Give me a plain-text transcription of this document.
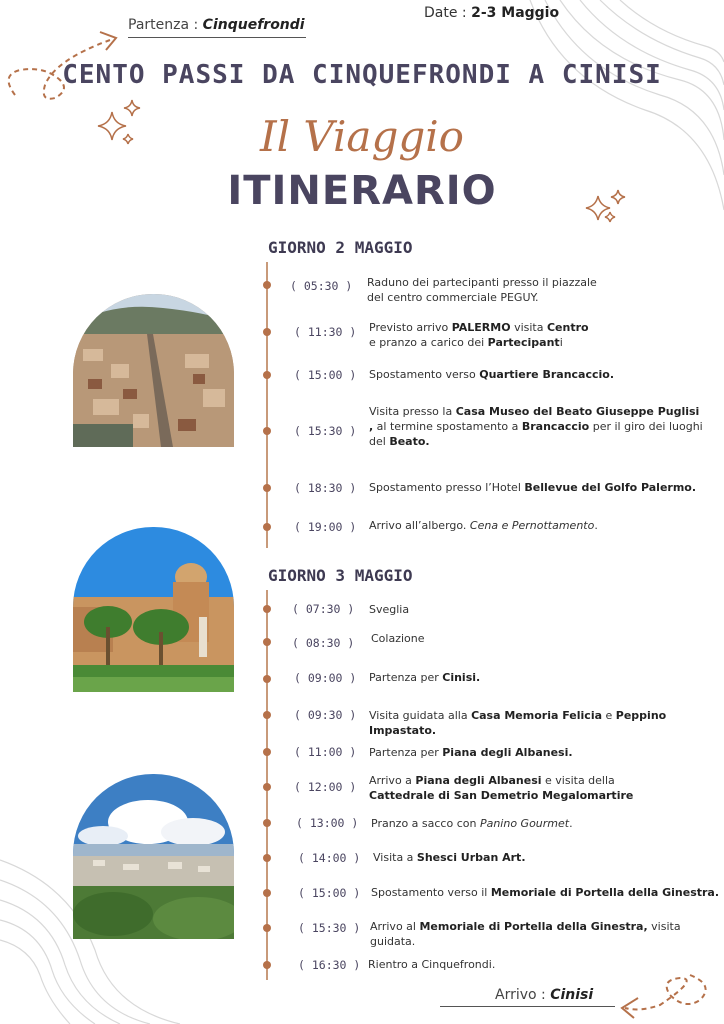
Partenza : Cinquefrondi
Date : 2-3 Maggio
CENTO PASSI DA CINQUEFRONDI A CINISI
Il Viaggio
ITINERARIO
GIORNO 2 MAGGIO
( 05:30 )	Raduno dei partecipanti presso il piazzale
del centro commerciale PEGUY.
( 11:30 )	Previsto arrivo PALERMO visita Centro
e pranzo a carico dei Partecipanti
( 15:00 )	Spostamento verso Quartiere Brancaccio.
( 15:30 )
Visita presso la Casa Museo del Beato Giuseppe Puglisi
, al termine spostamento a Brancaccio per il giro dei luoghi
del Beato.
( 18:30 )	Spostamento presso l’Hotel Bellevue del Golfo Palermo.
( 19:00 )	Arrivo all’albergo. Cena e Pernottamento.
GIORNO 3 MAGGIO
( 07:30 )	Sveglia
( 08:30 )	Colazione
( 09:00 )	Partenza per Cinisi.
( 09:30 )	Visita guidata alla Casa Memoria Felicia e Peppino Impastato.
( 11:00 )	Partenza per Piana degli Albanesi.
( 12:00 )	Arrivo a Piana degli Albanesi e visita della
Cattedrale di San Demetrio Megalomartire
( 13:00 )	Pranzo a sacco con Panino Gourmet.
( 14:00 )	Visita a Shesci Urban Art.
( 15:00 ) Spostamento verso il Memoriale di Portella della Ginestra.
( 15:30 ) Arrivo al Memoriale di Portella della Ginestra, visita guidata.
( 16:30 ) Rientro a Cinquefrondi.
Arrivo : Cinisi
